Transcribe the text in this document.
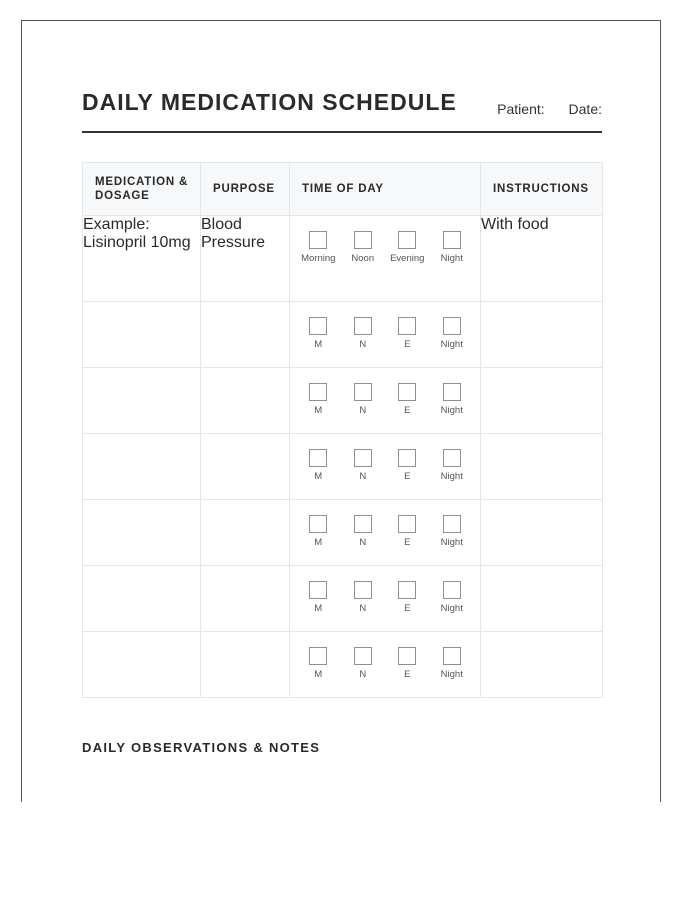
DAILY MEDICATION SCHEDULE	Patient: Date:
MEDICATION & DOSAGE	PURPOSE	TIME OF DAY	INSTRUCTIONS
Example: Lisinopril 10mg	Blood Pressure	Morning Noon Evening Night	With food

		M N E Night	

		M N E Night	

		M N E Night	

		M N E Night	

		M N E Night	

		M N E Night	

DAILY OBSERVATIONS & NOTES
